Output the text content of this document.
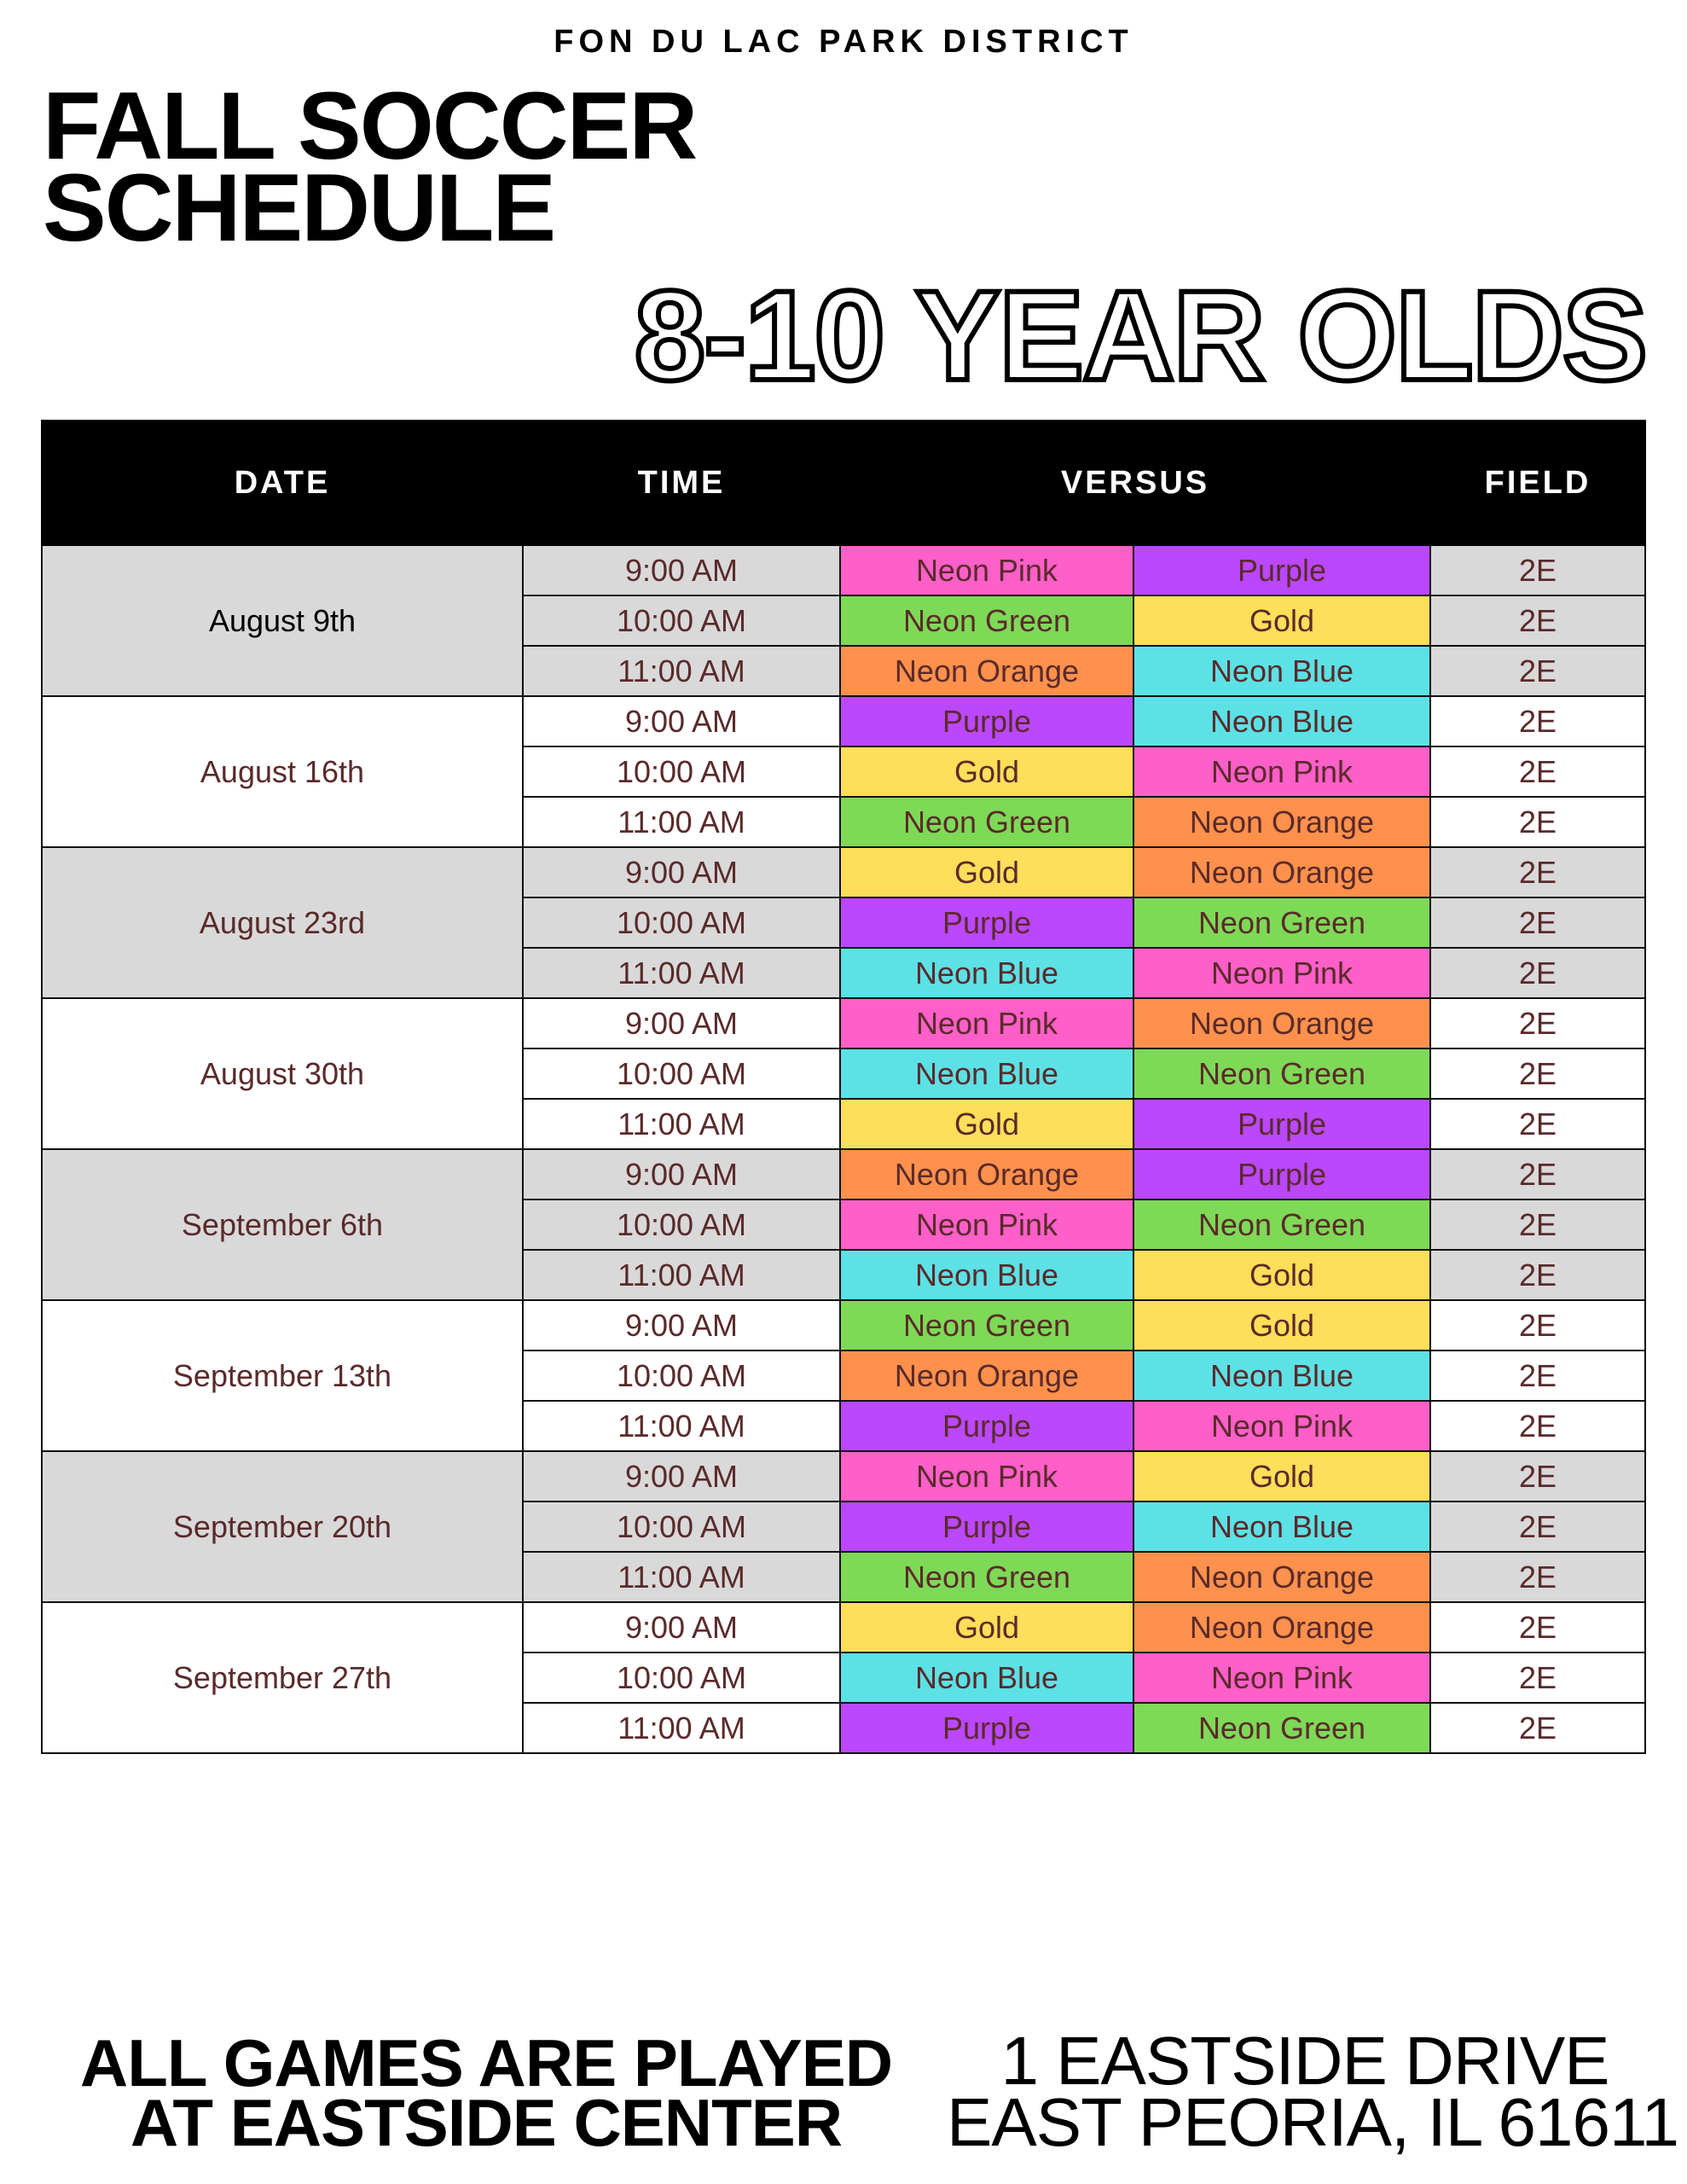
FON DU LAC PARK DISTRICT
FALL SOCCER
SCHEDULE
8-10 YEAR OLDS
DATE	TIME	VERSUS		FIELD
August 9th	9:00 AM	Neon Pink	Purple	2E
	10:00 AM	Neon Green	Gold	2E
	11:00 AM	Neon Orange	Neon Blue	2E
August 16th	9:00 AM	Purple	Neon Blue	2E
	10:00 AM	Gold	Neon Pink	2E
	11:00 AM	Neon Green	Neon Orange	2E
August 23rd	9:00 AM	Gold	Neon Orange	2E
	10:00 AM	Purple	Neon Green	2E
	11:00 AM	Neon Blue	Neon Pink	2E
August 30th	9:00 AM	Neon Pink	Neon Orange	2E
	10:00 AM	Neon Blue	Neon Green	2E
	11:00 AM	Gold	Purple	2E
September 6th	9:00 AM	Neon Orange	Purple	2E
	10:00 AM	Neon Pink	Neon Green	2E
	11:00 AM	Neon Blue	Gold	2E
September 13th	9:00 AM	Neon Green	Gold	2E
	10:00 AM	Neon Orange	Neon Blue	2E
	11:00 AM	Purple	Neon Pink	2E
September 20th	9:00 AM	Neon Pink	Gold	2E
	10:00 AM	Purple	Neon Blue	2E
	11:00 AM	Neon Green	Neon Orange	2E
September 27th	9:00 AM	Gold	Neon Orange	2E
	10:00 AM	Neon Blue	Neon Pink	2E
	11:00 AM	Purple	Neon Green	2E
ALL GAMES ARE PLAYED
AT EASTSIDE CENTER
1 EASTSIDE DRIVE
EAST PEORIA, IL 61611
